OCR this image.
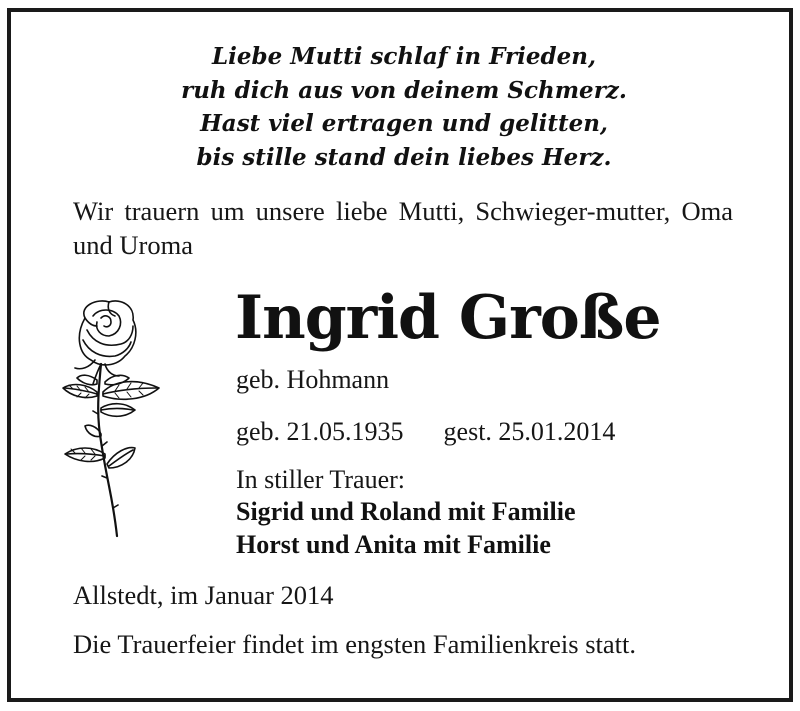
Liebe Mutti schlaf in Frieden,
ruh dich aus von deinem Schmerz.
Hast viel ertragen und gelitten,
bis stille stand dein liebes Herz.
Wir trauern um unsere liebe Mutti, Schwieger-mutter, Oma und Uroma
Ingrid Große
geb. Hohmann
geb. 21.05.1935 gest. 25.01.2014
In stiller Trauer:
Sigrid und Roland mit Familie
Horst und Anita mit Familie
Allstedt, im Januar 2014
Die Trauerfeier findet im engsten Familienkreis statt.
